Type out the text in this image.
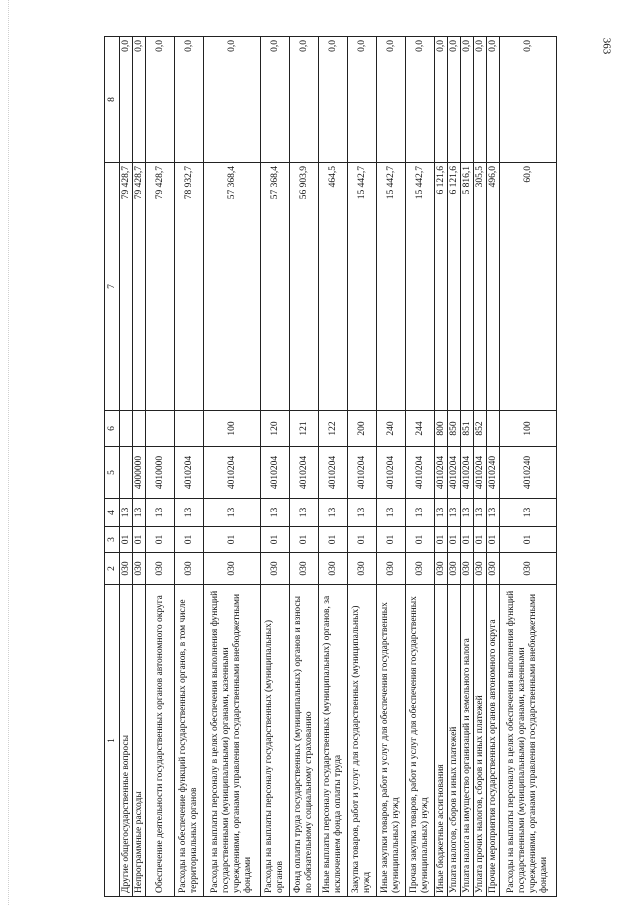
363
1	2	3	4	5	6	7	8
Другие общегосударственные вопросы	030	01	13			79 428,7	0,0
Непрограммные расходы	030	01	13	4000000		79 428,7	0,0
Обеспечение деятельности государственных органов автономного округа	030	01	13	4010000		79 428,7	0,0
Расходы на обеспечение функций государственных органов, в том числе территориальных органов	030	01	13	4010204		78 932,7	0,0
Расходы на выплаты персоналу в целях обеспечения выполнения функций государственными (муниципальными) органами, казенными учреждениями, органами управления государственными внебюджетными фондами	030	01	13	4010204	100	57 368,4	0,0
Расходы на выплаты персоналу государственных (муниципальных) органов	030	01	13	4010204	120	57 368,4	0,0
Фонд оплаты труда государственных (муниципальных) органов и взносы по обязательному социальному страхованию	030	01	13	4010204	121	56 903,9	0,0
Иные выплаты персоналу государственных (муниципальных) органов, за исключением фонда оплаты труда	030	01	13	4010204	122	464,5	0,0
Закупка товаров, работ и услуг для государственных (муниципальных) нужд	030	01	13	4010204	200	15 442,7	0,0
Иные закупки товаров, работ и услуг для обеспечения государственных (муниципальных) нужд	030	01	13	4010204	240	15 442,7	0,0
Прочая закупка товаров, работ и услуг для обеспечения государственных (муниципальных) нужд	030	01	13	4010204	244	15 442,7	0,0
Иные бюджетные ассигнования	030	01	13	4010204	800	6 121,6	0,0
Уплата налогов, сборов и иных платежей	030	01	13	4010204	850	6 121,6	0,0
Уплата налога на имущество организаций и земельного налога	030	01	13	4010204	851	5 816,1	0,0
Уплата прочих налогов, сборов и иных платежей	030	01	13	4010204	852	305,5	0,0
Прочие мероприятия государственных органов автономного округа	030	01	13	4010240		496,0	0,0
Расходы на выплаты персоналу в целях обеспечения выполнения функций государственными (муниципальными) органами, казенными учреждениями, органами управления государственными внебюджетными фондами	030	01	13	4010240	100	60,0	0,0
